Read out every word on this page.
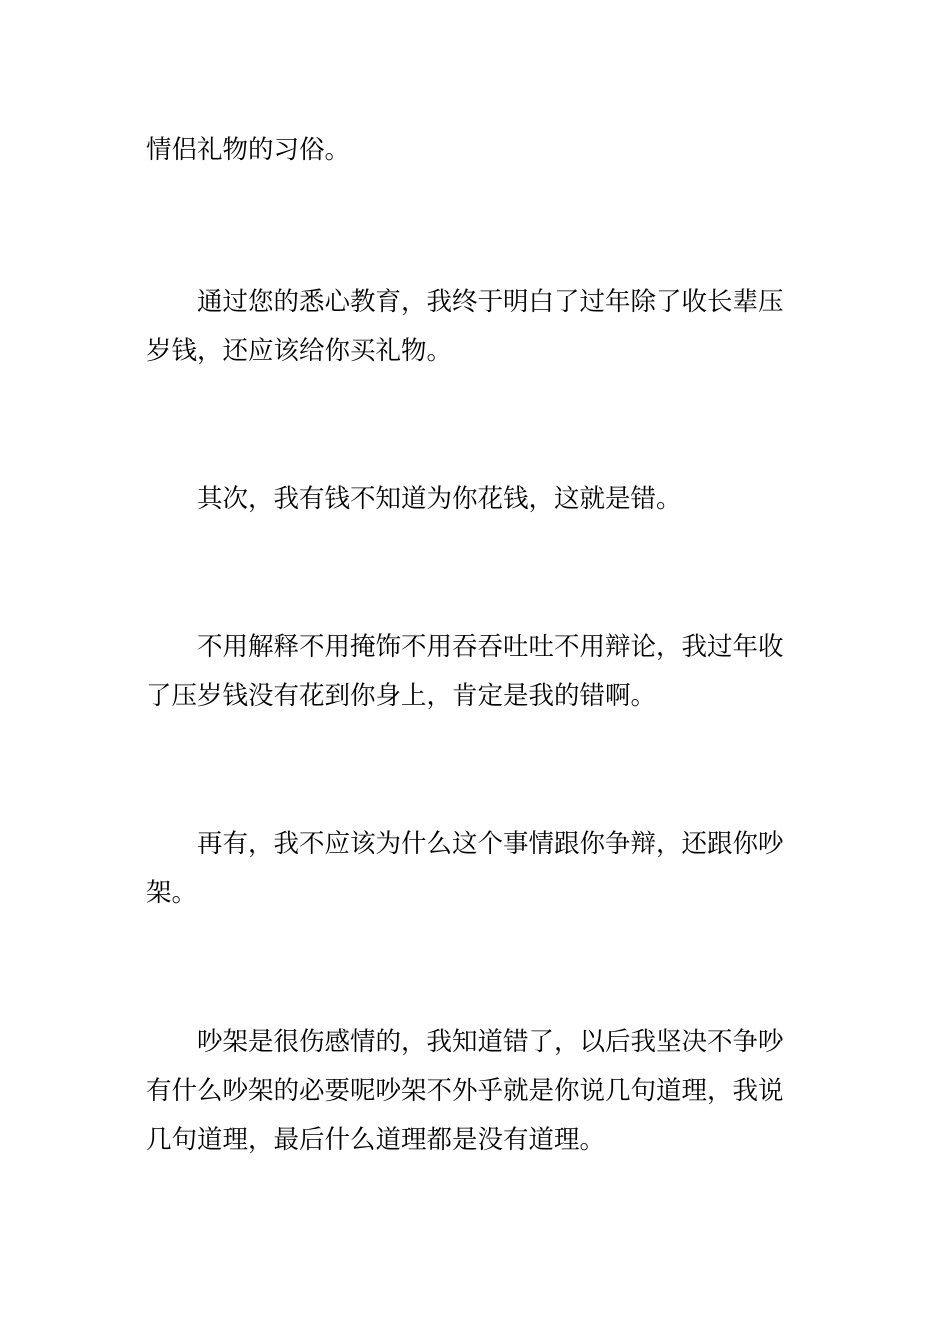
情侣礼物的习俗。

通过您的悉心教育，我终于明白了过年除了收长辈压岁钱，还应该给你买礼物。

其次，我有钱不知道为你花钱，这就是错。

不用解释不用掩饰不用吞吞吐吐不用辩论，我过年收了压岁钱没有花到你身上，肯定是我的错啊。

再有，我不应该为什么这个事情跟你争辩，还跟你吵架。

吵架是很伤感情的，我知道错了，以后我坚决不争吵有什么吵架的必要呢吵架不外乎就是你说几句道理，我说几句道理，最后什么道理都是没有道理。
